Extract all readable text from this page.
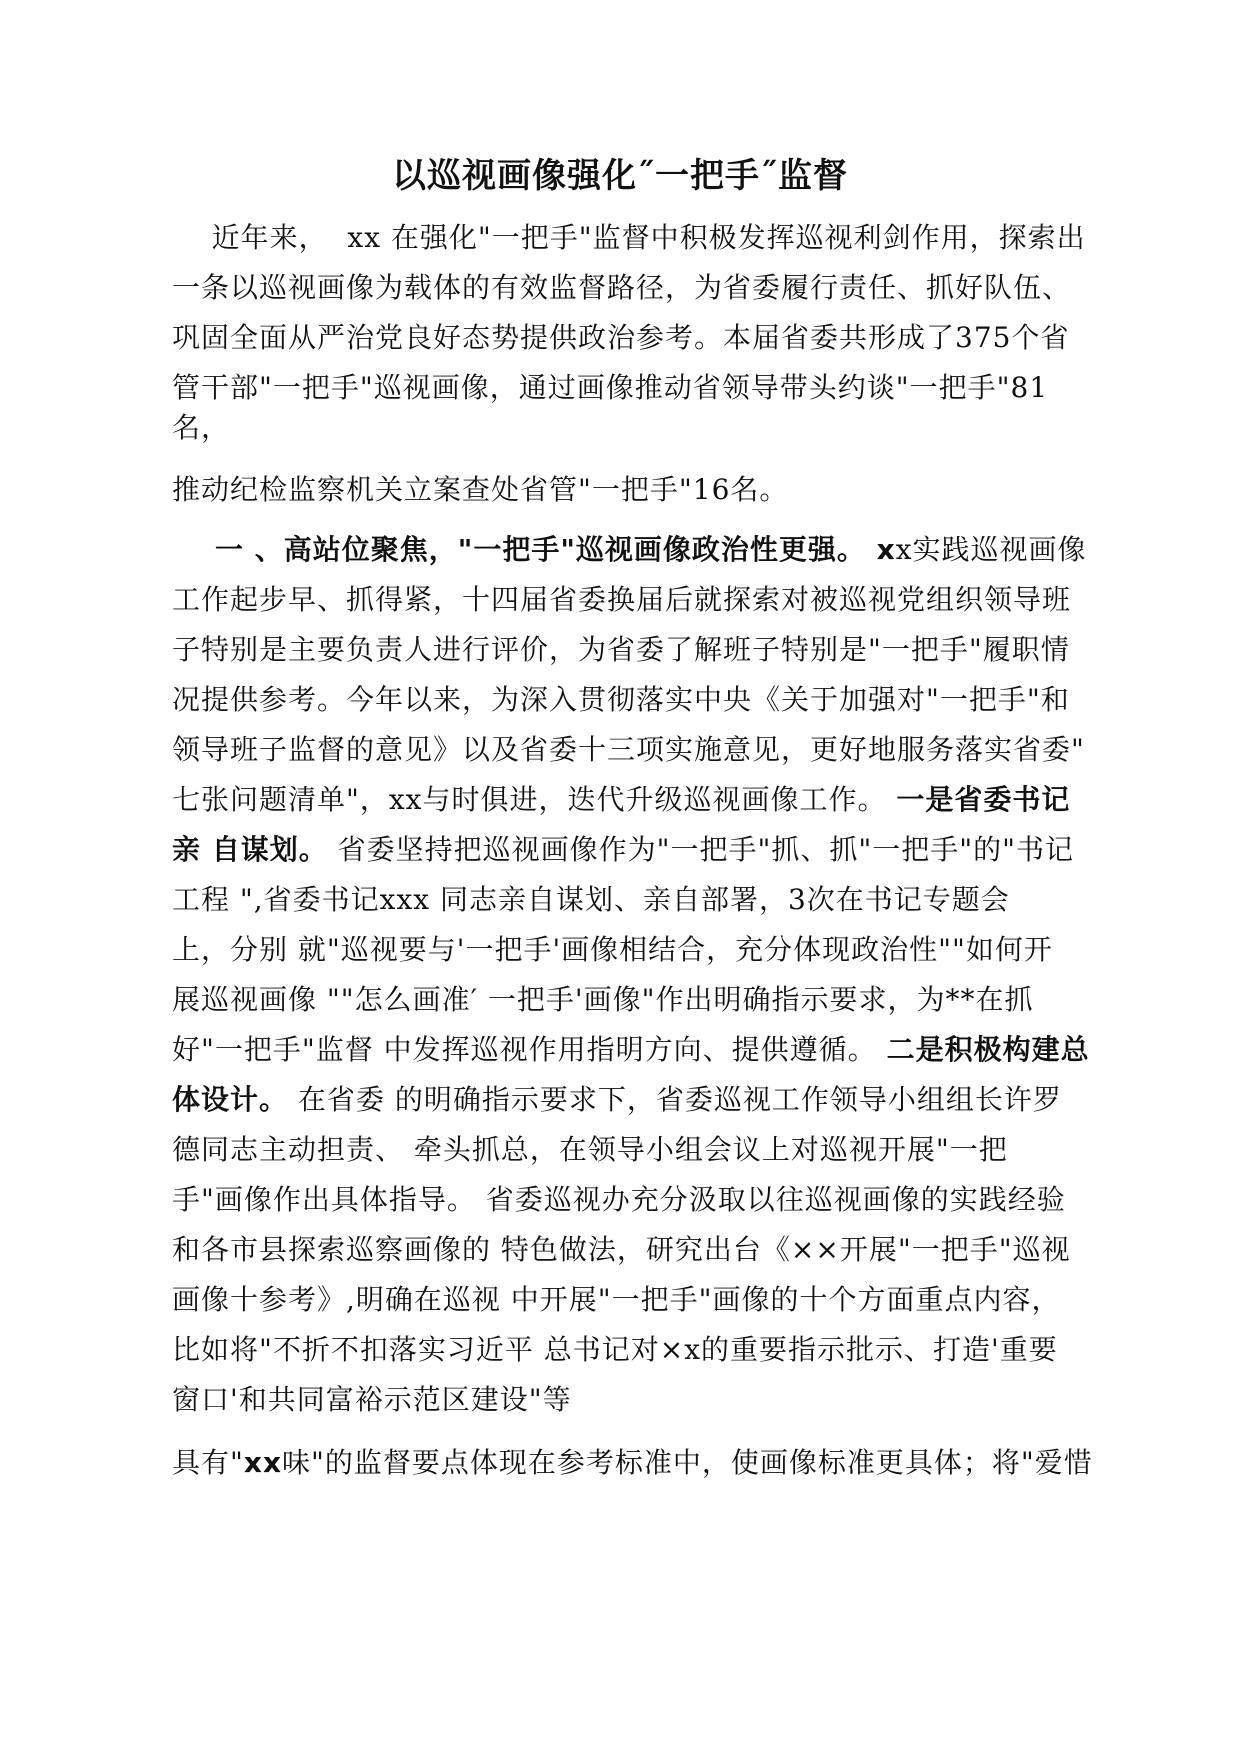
以巡视画像强化˝一把手˝监督
近年来，  xx 在强化"一把手"监督中积极发挥巡视利剑作用，探索出
一条以巡视画像为载体的有效监督路径，为省委履行责任、抓好队伍、
巩固全面从严治党良好态势提供政治参考。本届省委共形成了375个省
管干部"一把手"巡视画像，通过画像推动省领导带头约谈"一把手"81
名，
推动纪检监察机关立案查处省管"一把手"16名。
一 、高站位聚焦，"一把手"巡视画像政治性更强。 xx实践巡视画像
工作起步早、抓得紧，十四届省委换届后就探索对被巡视党组织领导班
子特别是主要负责人进行评价，为省委了解班子特别是"一把手"履职情
况提供参考。今年以来，为深入贯彻落实中央《关于加强对"一把手"和
领导班子监督的意见》以及省委十三项实施意见，更好地服务落实省委"
七张问题清单"，xx与时俱进，迭代升级巡视画像工作。 一是省委书记
亲 自谋划。 省委坚持把巡视画像作为"一把手"抓、抓"一把手"的"书记
工程 ",省委书记xxx 同志亲自谋划、亲自部署，3次在书记专题会
上，分别 就"巡视要与'一把手'画像相结合，充分体现政治性""如何开
展巡视画像 ""怎么画准′ 一把手'画像"作出明确指示要求，为**在抓
好"一把手"监督 中发挥巡视作用指明方向、提供遵循。 二是积极构建总
体设计。 在省委 的明确指示要求下，省委巡视工作领导小组组长许罗
德同志主动担责、 牵头抓总，在领导小组会议上对巡视开展"一把
手"画像作出具体指导。 省委巡视办充分汲取以往巡视画像的实践经验
和各市县探索巡察画像的 特色做法，研究出台《××开展"一把手"巡视
画像十参考》,明确在巡视 中开展"一把手"画像的十个方面重点内容，
比如将"不折不扣落实习近平 总书记对×x的重要指示批示、打造'重要
窗口'和共同富裕示范区建设"等
具有"xx味"的监督要点体现在参考标准中，使画像标准更具体；将"爱惜
